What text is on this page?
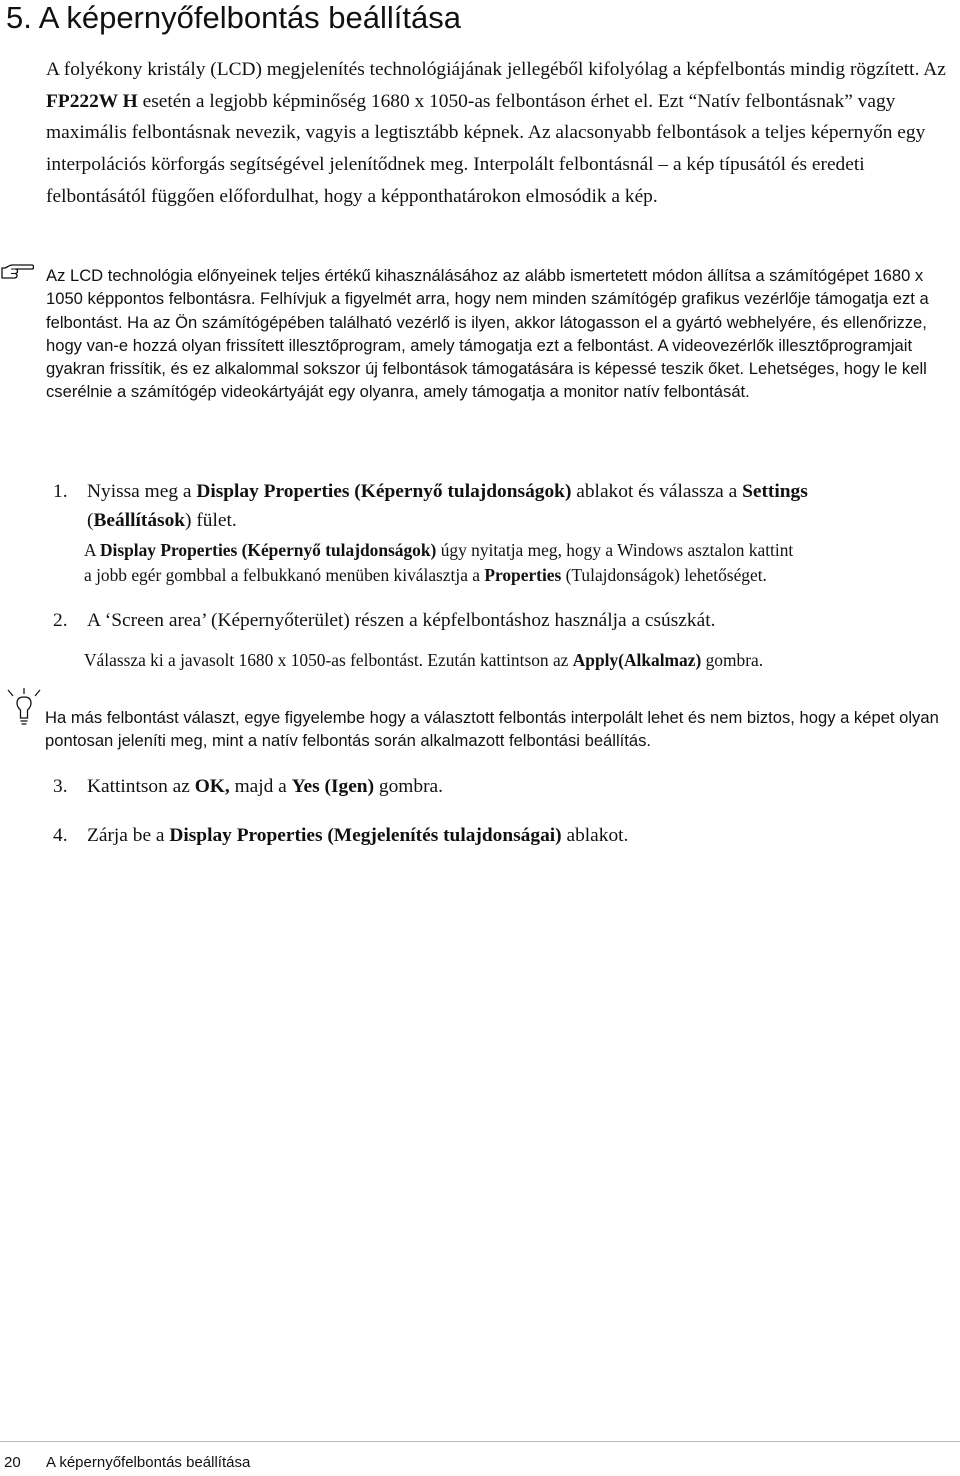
5. A képernyőfelbontás beállítása
A folyékony kristály (LCD) megjelenítés technológiájának jellegéből kifolyólag a képfelbontás mindig rögzített. Az FP222W H esetén a legjobb képminőség 1680 x 1050-as felbontáson érhet el. Ezt “Natív felbontásnak” vagy maximális felbontásnak nevezik, vagyis a legtisztább képnek. Az alacsonyabb felbontások a teljes képernyőn egy interpolációs körforgás segítségével jelenítődnek meg. Interpolált felbontásnál – a kép típusától és eredeti felbontásától függően előfordulhat, hogy a képponthatárokon elmosódik a kép.
Az LCD technológia előnyeinek teljes értékű kihasználásához az alább ismertetett módon állítsa a számítógépet 1680 x 1050 képpontos felbontásra. Felhívjuk a figyelmét arra, hogy nem minden számítógép grafikus vezérlője támogatja ezt a felbontást. Ha az Ön számítógépében található vezérlő is ilyen, akkor látogasson el a gyártó webhelyére, és ellenőrizze, hogy van-e hozzá olyan frissített illesztőprogram, amely támogatja ezt a felbontást. A videovezérlők illesztőprogramjait gyakran frissítik, és ez alkalommal sokszor új felbontások támogatására is képessé teszik őket. Lehetséges, hogy le kell cserélnie a számítógép videokártyáját egy olyanra, amely támogatja a monitor natív felbontását.
1. Nyissa meg a Display Properties (Képernyő tulajdonságok) ablakot és válassza a Settings
(Beállítások) fület.
A Display Properties (Képernyő tulajdonságok) úgy nyitatja meg, hogy a Windows asztalon kattint
a jobb egér gombbal a felbukkanó menüben kiválasztja a Properties (Tulajdonságok) lehetőséget.
2. A ‘Screen area’ (Képernyőterület) részen a képfelbontáshoz használja a csúszkát.
Válassza ki a javasolt 1680 x 1050-as felbontást. Ezután kattintson az Apply(Alkalmaz) gombra.
Ha más felbontást választ, egye figyelembe hogy a választott felbontás interpolált lehet és nem biztos, hogy a képet olyan pontosan jeleníti meg, mint a natív felbontás során alkalmazott felbontási beállítás.
3. Kattintson az OK, majd a Yes (Igen) gombra.
4. Zárja be a Display Properties (Megjelenítés tulajdonságai) ablakot.
20 A képernyőfelbontás beállítása
